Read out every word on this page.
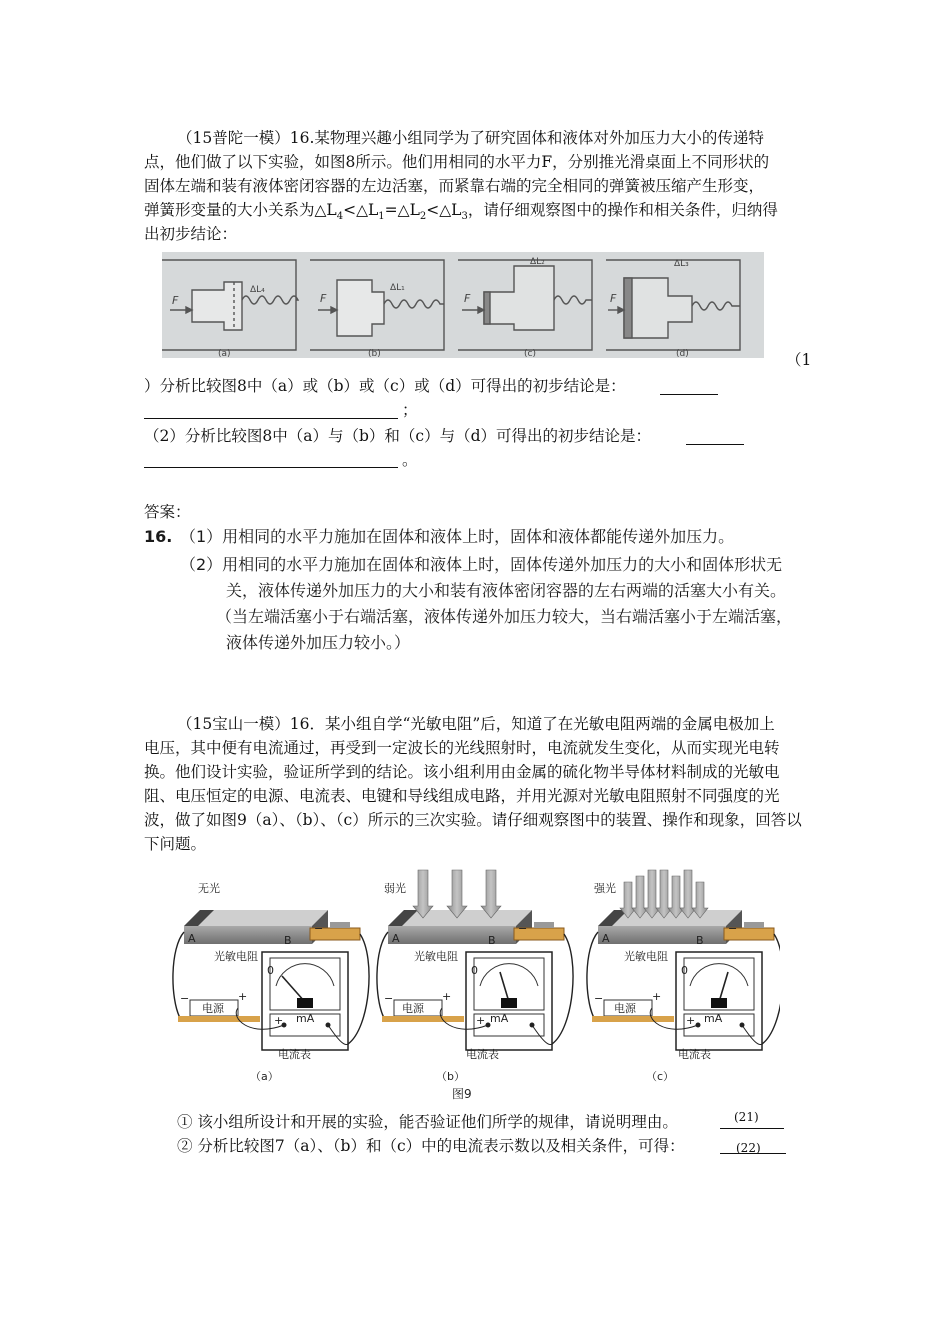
（15普陀一模）16.某物理兴趣小组同学为了研究固体和液体对外加压力大小的传递特
点，他们做了以下实验，如图8所示。他们用相同的水平力F，分别推光滑桌面上不同形状的
固体左端和装有液体密闭容器的左边活塞，而紧靠右端的完全相同的弹簧被压缩产生形变，
弹簧形变量的大小关系为$\triangle L_4<\triangle L_1=\triangle L_2<\triangle L_3$，请仔细观察图中的操作和相关条件，归纳得
出初步结论：
F	F	F	F
ΔL₄	ΔL₁
ΔL₂	ΔL₃
(a)	(b)	(c)	(d)	（1
）分析比较图8中（a）或（b）或（c）或（d）可得出的初步结论是：
；
（2）分析比较图8中（a）与（b）和（c）与（d）可得出的初步结论是：
。
答案：
16. （1）用相同的水平力施加在固体和液体上时，固体和液体都能传递外加压力。
（2）用相同的水平力施加在固体和液体上时，固体传递外加压力的大小和固体形状无
关，液体传递外加压力的大小和装有液体密闭容器的左右两端的活塞大小有关。
（当左端活塞小于右端活塞，液体传递外加压力较大，当右端活塞小于左端活塞，
液体传递外加压力较小。）
（15宝山一模）16．某小组自学“光敏电阻”后，知道了在光敏电阻两端的金属电极加上
电压，其中便有电流通过，再受到一定波长的光线照射时，电流就发生变化，从而实现光电转
换。他们设计实验，验证所学到的结论。该小组利用由金属的硫化物半导体材料制成的光敏电
阻、电压恒定的电源、电流表、电键和导线组成电路，并用光源对光敏电阻照射不同强度的光
波，做了如图9（a）、（b）、（c）所示的三次实验。请仔细观察图中的装置、操作和现象，回答以
下问题。
无光
A	B
光敏电阻
电源
0
mA
电流表
（a）
−	+
+
−
弱光
A	B
光敏电阻
电源
0
mA
电流表
（b）
−	+
+
−
强光
A	B
光敏电阻
电源
0
mA
电流表
（c）
−	+
+
−
图9
① 该小组所设计和开展的实验，能否验证他们所学的规律，请说明理由。	(21)
② 分析比较图7（a）、（b）和（c）中的电流表示数以及相关条件，可得：	(22)
